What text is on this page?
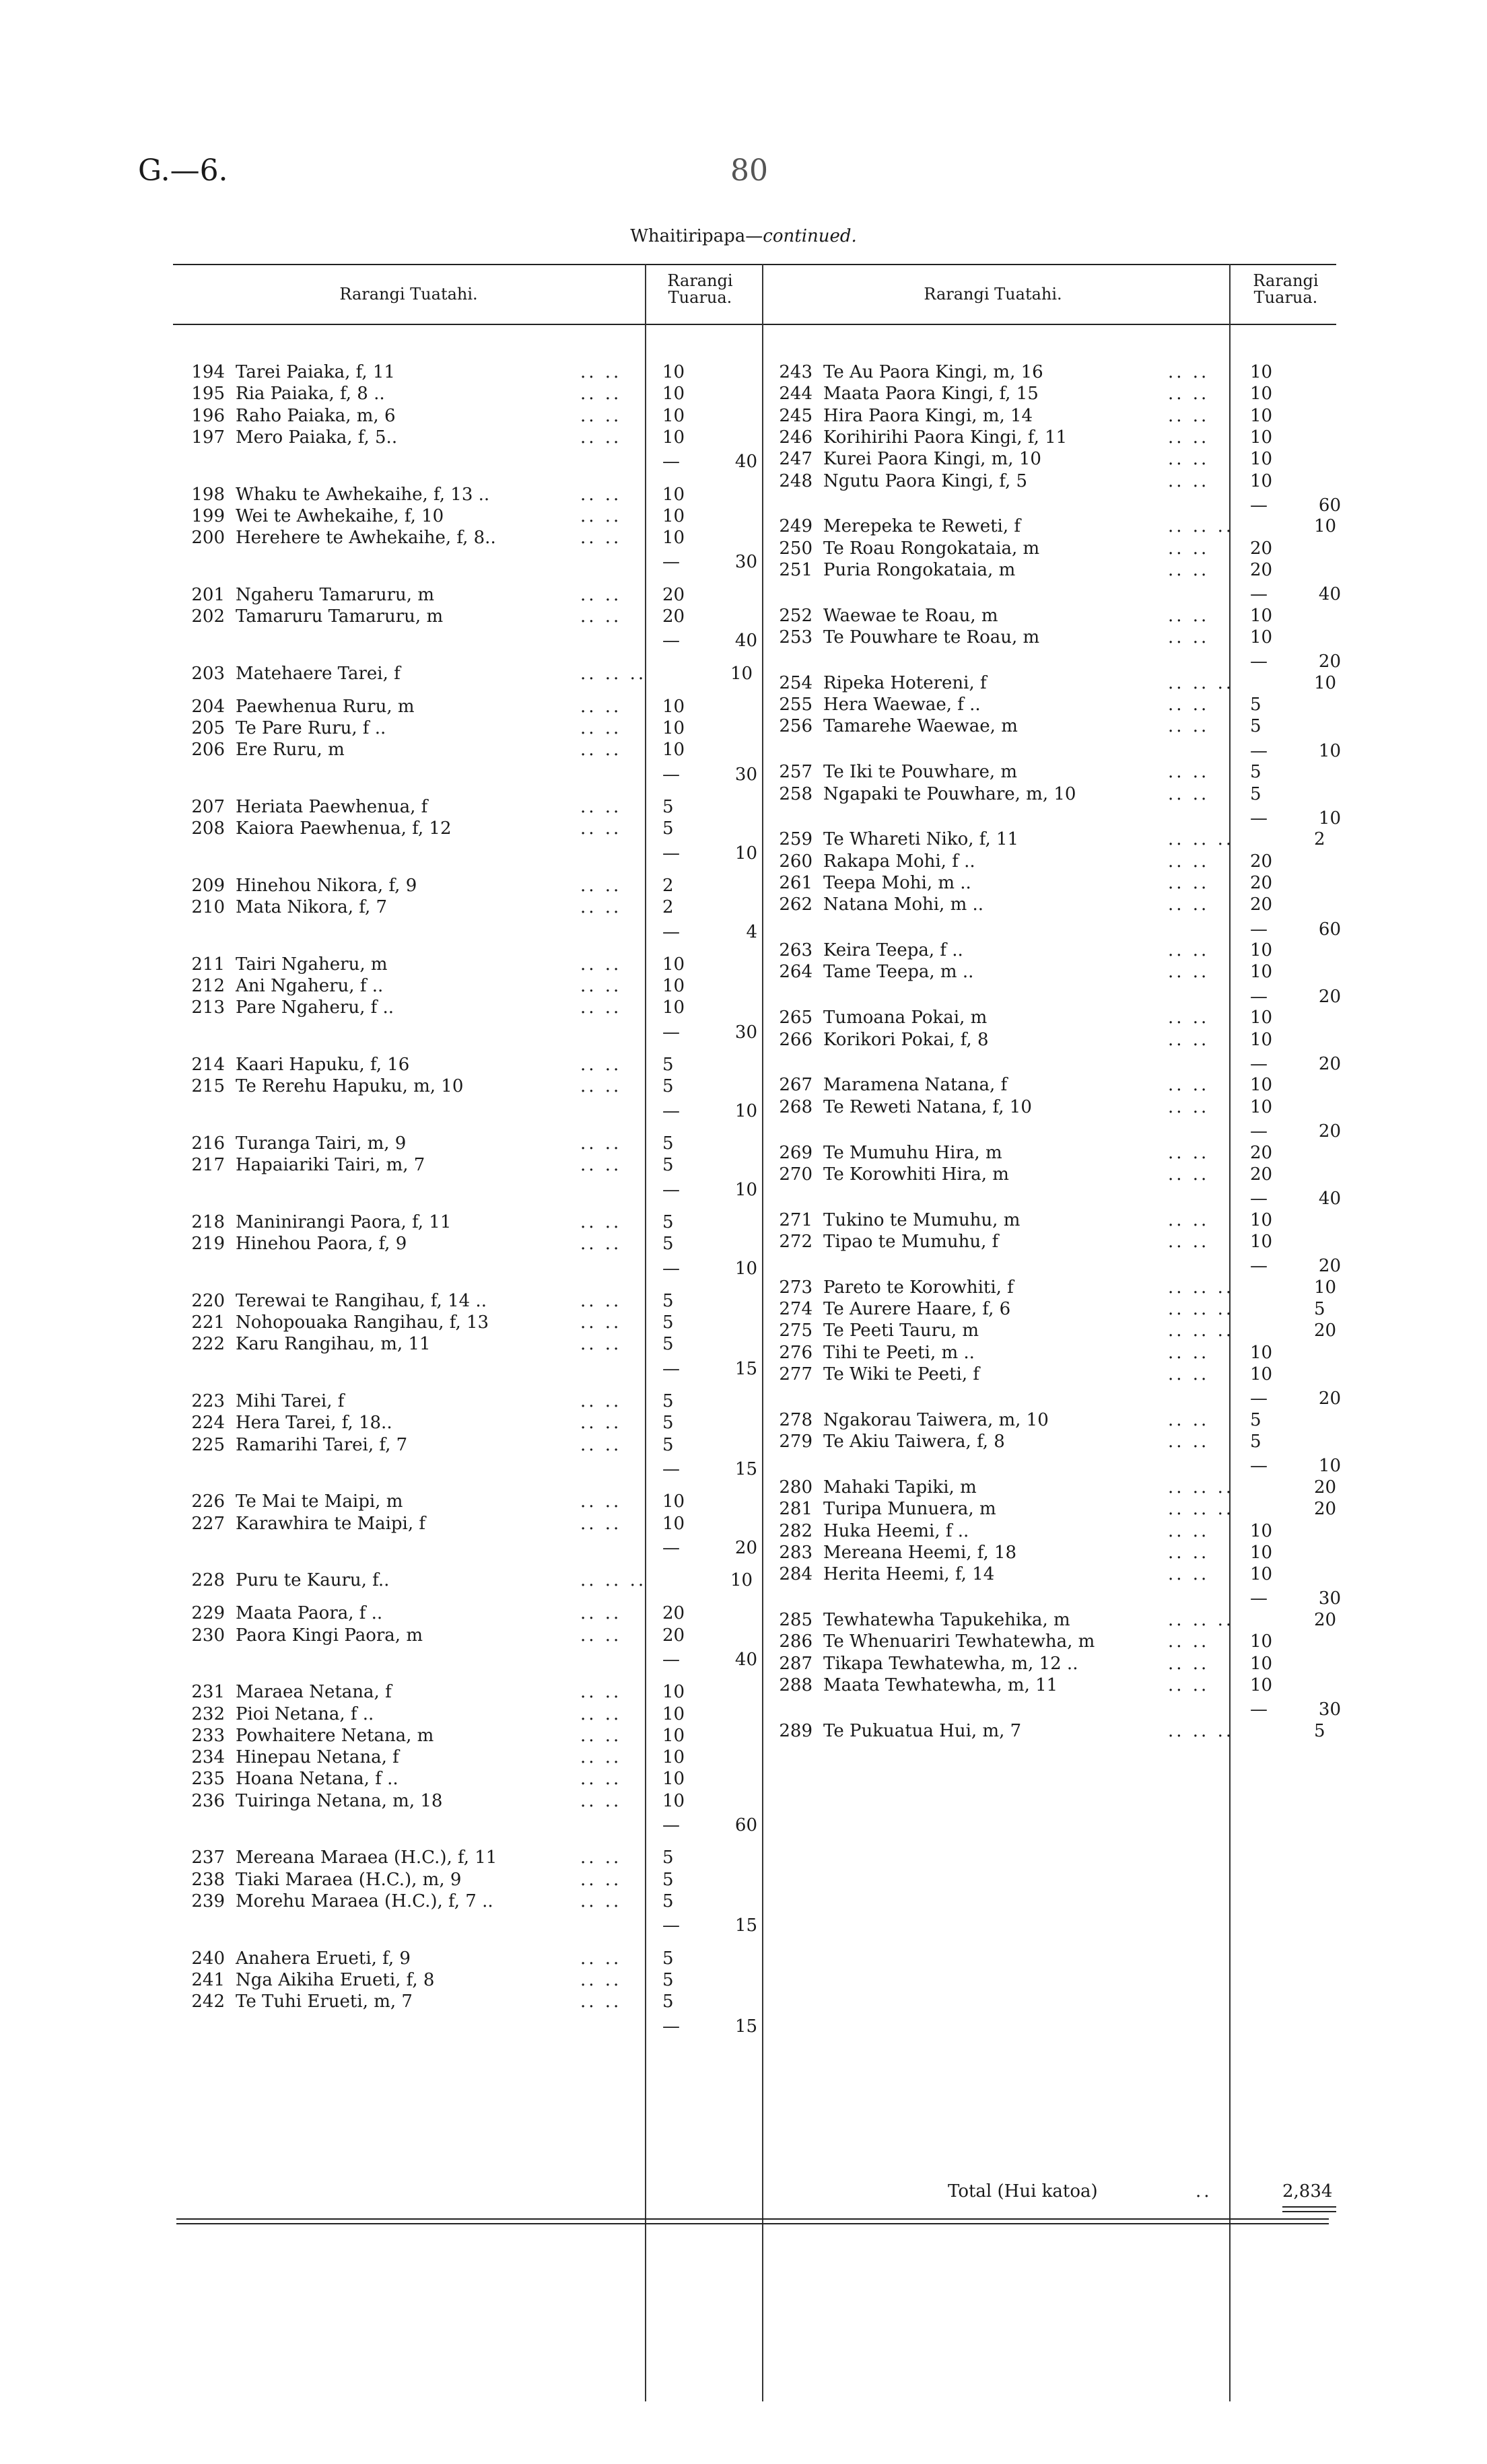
G.—6.	80
Whaitiripapa—continued.
Rarangi Tuatahi.
Rarangi
Tuarua.	Rarangi Tuatahi.
Rarangi
Tuarua.
194 Tarei Paiaka, f, 11	.. .. 10
195 Ria Paiaka, f, 8 ..	.. .. 10
196 Raho Paiaka, m, 6	.. .. 10
197 Mero Paiaka, f, 5..	.. .. 10
—	40
198 Whaku te Awhekaihe, f, 13 ..	.. .. 10
199 Wei te Awhekaihe, f, 10	.. .. 10
200 Herehere te Awhekaihe, f, 8..	.. .. 10
—	30
201 Ngaheru Tamaruru, m	.. .. 20
202 Tamaruru Tamaruru, m	.. .. 20
—	40
203 Matehaere Tarei, f	.. .. ..	10
204 Paewhenua Ruru, m	.. .. 10
205 Te Pare Ruru, f ..	.. .. 10
206 Ere Ruru, m	.. .. 10
—	30
207 Heriata Paewhenua, f	.. .. 5
208 Kaiora Paewhenua, f, 12	.. .. 5
—	10
209 Hinehou Nikora, f, 9	.. .. 2
210 Mata Nikora, f, 7	.. .. 2
—	4
211 Tairi Ngaheru, m	.. .. 10
212 Ani Ngaheru, f ..	.. .. 10
213 Pare Ngaheru, f ..	.. .. 10
—	30
214 Kaari Hapuku, f, 16	.. .. 5
215 Te Rerehu Hapuku, m, 10	.. .. 5
—	10
216 Turanga Tairi, m, 9	.. .. 5
217 Hapaiariki Tairi, m, 7	.. .. 5
—	10
218 Maninirangi Paora, f, 11	.. .. 5
219 Hinehou Paora, f, 9	.. .. 5
—	10
220 Terewai te Rangihau, f, 14 ..	.. .. 5
221 Nohopouaka Rangihau, f, 13	.. .. 5
222 Karu Rangihau, m, 11	.. .. 5
—	15
223 Mihi Tarei, f	.. .. 5
224 Hera Tarei, f, 18..	.. .. 5
225 Ramarihi Tarei, f, 7	.. .. 5
—	15
226 Te Mai te Maipi, m	.. .. 10
227 Karawhira te Maipi, f	.. .. 10
—	20
228 Puru te Kauru, f..	.. .. ..	10
229 Maata Paora, f ..	.. .. 20
230 Paora Kingi Paora, m	.. .. 20
—	40
231 Maraea Netana, f	.. .. 10
232 Pioi Netana, f ..	.. .. 10
233 Powhaitere Netana, m	.. .. 10
234 Hinepau Netana, f	.. .. 10
235 Hoana Netana, f ..	.. .. 10
236 Tuiringa Netana, m, 18	.. .. 10
—	60
237 Mereana Maraea (H.C.), f, 11	.. .. 5
238 Tiaki Maraea (H.C.), m, 9	.. .. 5
239 Morehu Maraea (H.C.), f, 7 ..	.. .. 5
—	15
240 Anahera Erueti, f, 9	.. .. 5
241 Nga Aikiha Erueti, f, 8	.. .. 5
242 Te Tuhi Erueti, m, 7	.. .. 5
—	15
243 Te Au Paora Kingi, m, 16	.. .. 10
244 Maata Paora Kingi, f, 15	.. .. 10
245 Hira Paora Kingi, m, 14	.. .. 10
246 Korihirihi Paora Kingi, f, 11	.. .. 10
247 Kurei Paora Kingi, m, 10	.. .. 10
248 Ngutu Paora Kingi, f, 5	.. .. 10
—	60
249 Merepeka te Reweti, f	.. .. ..	10
250 Te Roau Rongokataia, m	.. .. 20
251 Puria Rongokataia, m	.. .. 20
—	40
252 Waewae te Roau, m	.. .. 10
253 Te Pouwhare te Roau, m	.. .. 10
—	20
254 Ripeka Hotereni, f	.. .. ..	10
255 Hera Waewae, f ..	.. .. 5
256 Tamarehe Waewae, m	.. .. 5
—	10
257 Te Iki te Pouwhare, m	.. .. 5
258 Ngapaki te Pouwhare, m, 10	.. .. 5
—	10
259 Te Whareti Niko, f, 11	.. .. ..	2
260 Rakapa Mohi, f ..	.. .. 20
261 Teepa Mohi, m ..	.. .. 20
262 Natana Mohi, m ..	.. .. 20
—	60
263 Keira Teepa, f ..	.. .. 10
264 Tame Teepa, m ..	.. .. 10
—	20
265 Tumoana Pokai, m	.. .. 10
266 Korikori Pokai, f, 8	.. .. 10
—	20
267 Maramena Natana, f	.. .. 10
268 Te Reweti Natana, f, 10	.. .. 10
—	20
269 Te Mumuhu Hira, m	.. .. 20
270 Te Korowhiti Hira, m	.. .. 20
—	40
271 Tukino te Mumuhu, m	.. .. 10
272 Tipao te Mumuhu, f	.. .. 10
—	20
273 Pareto te Korowhiti, f	.. .. ..	10
274 Te Aurere Haare, f, 6	.. .. ..	5
275 Te Peeti Tauru, m	.. .. ..	20
276 Tihi te Peeti, m ..	.. .. 10
277 Te Wiki te Peeti, f	.. .. 10
—	20
278 Ngakorau Taiwera, m, 10	.. .. 5
279 Te Akiu Taiwera, f, 8	.. .. 5
—	10
280 Mahaki Tapiki, m	.. .. ..	20
281 Turipa Munuera, m	.. .. ..	20
282 Huka Heemi, f ..	.. .. 10
283 Mereana Heemi, f, 18	.. .. 10
284 Herita Heemi, f, 14	.. .. 10
—	30
285 Tewhatewha Tapukehika, m	.. .. ..	20
286 Te Whenuariri Tewhatewha, m	.. .. 10
287 Tikapa Tewhatewha, m, 12 ..	.. .. 10
288 Maata Tewhatewha, m, 11	.. .. 10
—	30
289 Te Pukuatua Hui, m, 7	.. .. ..	5
Total (Hui katoa)	..	2,834
